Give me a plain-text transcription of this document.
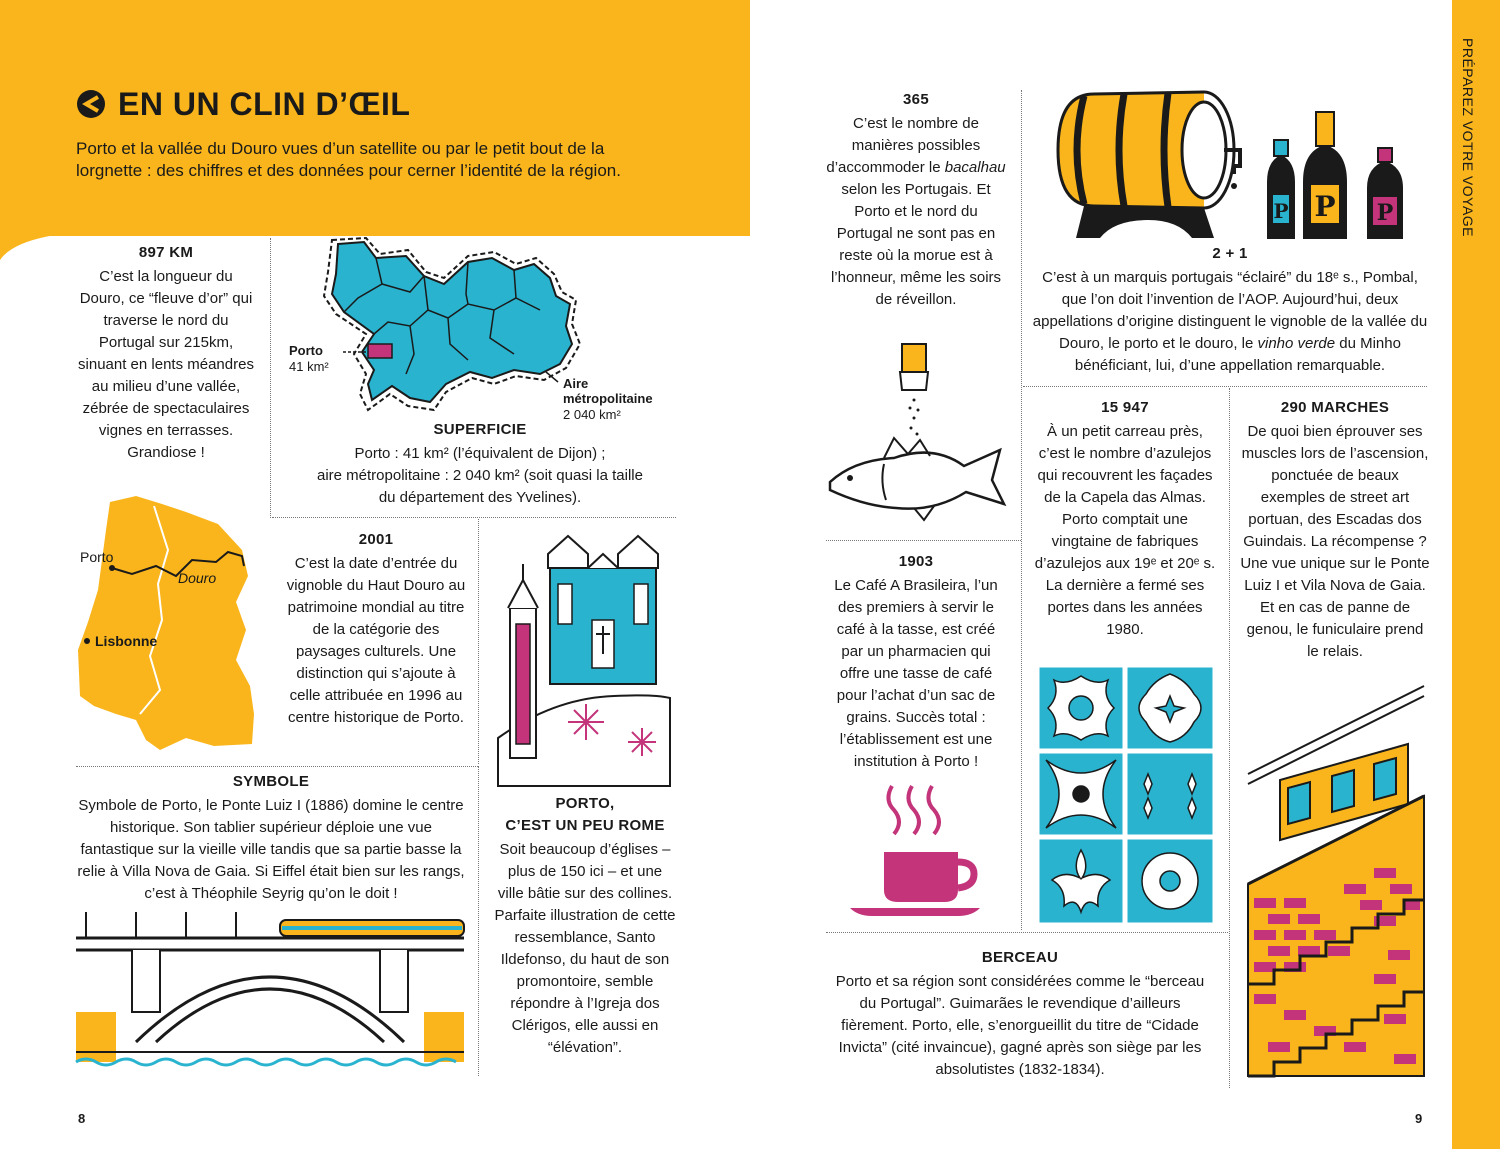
PRÉPAREZ VOTRE VOYAGE
EN UN CLIN D’ŒIL
Porto et la vallée du Douro vues d’un satellite ou par le petit bout de la lorgnette : des chiffres et des données pour cerner l’identité de la région.
897 KM

C’est la longueur du Douro, ce “fleuve d’or” qui traverse le nord du Portugal sur 215km, sinuant en lents méandres au milieu d’une vallée, zébrée de spectaculaires vignes en terrasses. Grandiose !

Porto
41 km²
Aire
métropolitaine
2 040 km²
SUPERFICIE

Porto : 41 km² (l’équivalent de Dijon) ;

aire métropolitaine : 2 040 km² (soit quasi la taille

du département des Yvelines).

Porto
Douro
Lisbonne
2001

C’est la date d’entrée du vignoble du Haut Douro au patrimoine mondial au titre de la catégorie des paysages culturels. Une distinction qui s’ajoute à celle attribuée en 1996 au centre historique de Porto.

SYMBOLE

Symbole de Porto, le Ponte Luiz I (1886) domine le centre historique. Son tablier supérieur déploie une vue fantastique sur la vieille ville tandis que sa partie basse la relie à Villa Nova de Gaia. Si Eiffel était bien sur les rangs, c’est à Théophile Seyrig qu’on le doit !

PORTO,
C’EST UN PEU ROME

Soit beaucoup d’églises – plus de 150 ici – et une ville bâtie sur des collines. Parfaite illustration de cette ressemblance, Santo Ildefonso, du haut de son promontoire, semble répondre à l’Igreja dos Clérigos, elle aussi en “élévation”.

365

C’est le nombre de manières possibles d’accommoder le bacalhau selon les Portugais. Et Porto et le nord du Portugal ne sont pas en reste où la morue est à l’honneur, même les soirs de réveillon.

1903

Le Café A Brasileira, l’un des premiers à servir le café à la tasse, est créé par un pharmacien qui offre une tasse de café pour l’achat d’un sac de grains. Succès total : l’établissement est une institution à Porto !

P P P
2 + 1

C’est à un marquis portugais “éclairé” du 18ᵉ s., Pombal, que l’on doit l’invention de l’AOP. Aujourd’hui, deux appellations d’origine distinguent le vignoble de la vallée du Douro, le porto et le douro, le vinho verde du Minho bénéficiant, lui, d’une appellation remarquable.

15 947

À un petit carreau près, c’est le nombre d’azulejos qui recouvrent les façades de la Capela das Almas. Porto comptait une vingtaine de fabriques d’azulejos aux 19ᵉ et 20ᵉ s. La dernière a fermé ses portes dans les années 1980.

290 MARCHES

De quoi bien éprouver ses muscles lors de l’ascension, ponctuée de beaux exemples de street art portuan, des Escadas dos Guindais. La récompense ? Une vue unique sur le Ponte Luiz I et Vila Nova de Gaia. Et en cas de panne de genou, le funiculaire prend le relais.

BERCEAU

Porto et sa région sont considérées comme le “berceau du Portugal”. Guimarães le revendique d’ailleurs fièrement. Porto, elle, s’enorgueillit du titre de “Cidade Invicta” (cité invaincue), gagné après son siège par les absolutistes (1832-1834).

8	9
